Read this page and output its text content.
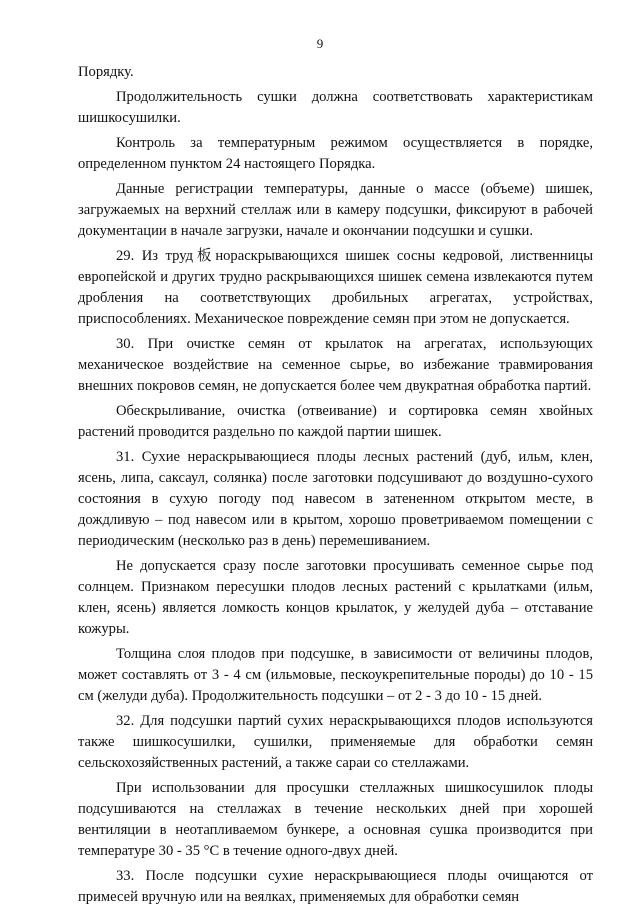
9

Порядку.

Продолжительность сушки должна соответствовать характеристикам шишкосушилки.

Контроль за температурным режимом осуществляется в порядке, определенном пунктом 24 настоящего Порядка.

Данные регистрации температуры, данные о массе (объеме) шишек, загружаемых на верхний стеллаж или в камеру подсушки, фиксируют в рабочей документации в начале загрузки, начале и окончании подсушки и сушки.

29. Из труд板нораскрывающихся шишек сосны кедровой, лиственницы европейской и других трудно раскрывающихся шишек семена извлекаются путем дробления на соответствующих дробильных агрегатах, устройствах, приспособлениях. Механическое повреждение семян при этом не допускается.

30. При очистке семян от крылаток на агрегатах, использующих механическое воздействие на семенное сырье, во избежание травмирования внешних покровов семян, не допускается более чем двукратная обработка партий.

Обескрыливание, очистка (отвеивание) и сортировка семян хвойных растений проводится раздельно по каждой партии шишек.

31. Сухие нераскрывающиеся плоды лесных растений (дуб, ильм, клен, ясень, липа, саксаул, солянка) после заготовки подсушивают до воздушно-сухого состояния в сухую погоду под навесом в затененном открытом месте, в дождливую – под навесом или в крытом, хорошо проветриваемом помещении с периодическим (несколько раз в день) перемешиванием.

Не допускается сразу после заготовки просушивать семенное сырье под солнцем. Признаком пересушки плодов лесных растений с крылатками (ильм, клен, ясень) является ломкость концов крылаток, у желудей дуба – отставание кожуры.

Толщина слоя плодов при подсушке, в зависимости от величины плодов, может составлять от 3 - 4 см (ильмовые, пескоукрепительные породы) до 10 - 15 см (желуди дуба). Продолжительность подсушки – от 2 - 3 до 10 - 15 дней.

32. Для подсушки партий сухих нераскрывающихся плодов используются также шишкосушилки, сушилки, применяемые для обработки семян сельскохозяйственных растений, а также сараи со стеллажами.

При использовании для просушки стеллажных шишкосушилок плоды подсушиваются на стеллажах в течение нескольких дней при хорошей вентиляции в неотапливаемом бункере, а основная сушка производится при температуре 30 - 35 °С в течение одного-двух дней.

33. После подсушки сухие нераскрывающиеся плоды очищаются от примесей вручную или на веялках, применяемых для обработки семян
